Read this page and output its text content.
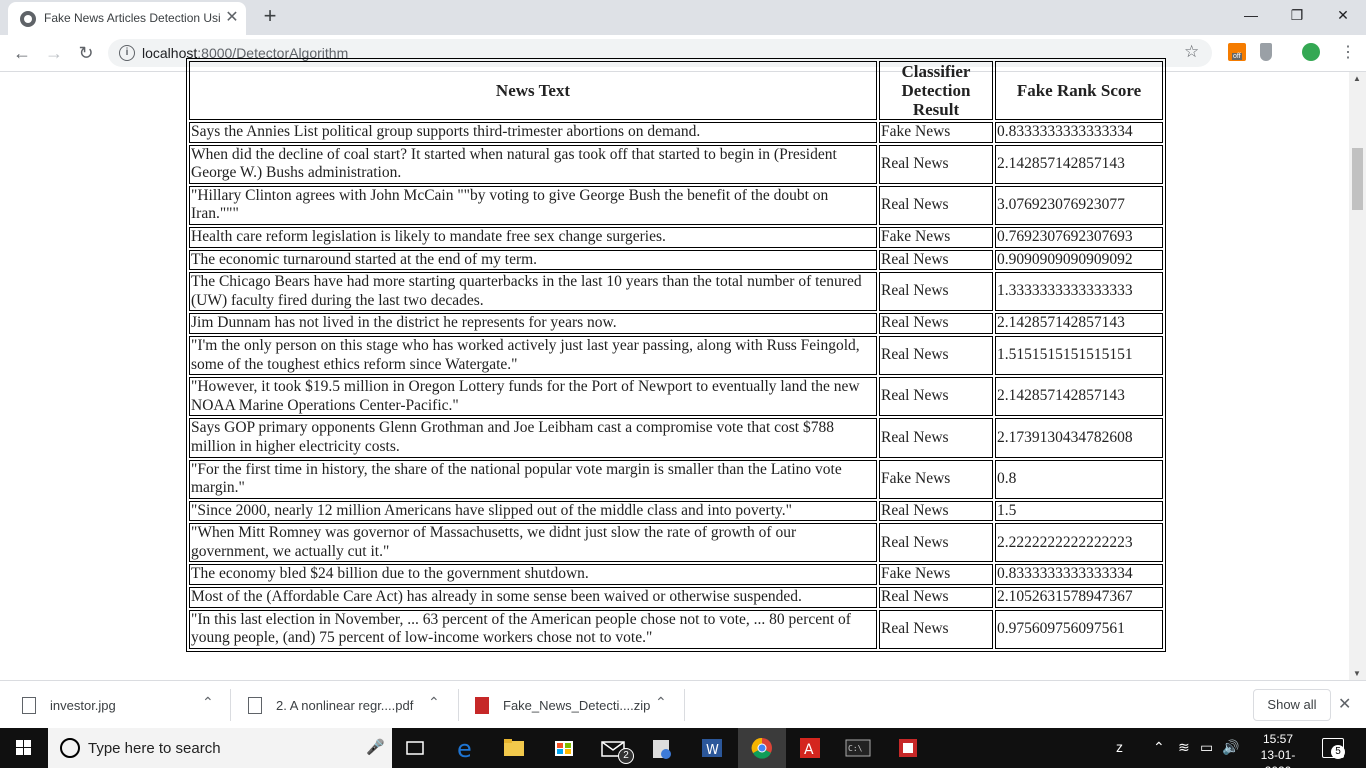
Fake News Articles Detection Usi ✕ +	—	❐	✕
← → ↻	i localhost:8000/DetectorAlgorithm	☆	off	⋮
News Text	Classifier Detection Result	Fake Rank Score
Says the Annies List political group supports third-trimester abortions on demand.	Fake News	0.8333333333333334
When did the decline of coal start? It started when natural gas took off that started to begin in (President George W.) Bushs administration.	Real News	2.142857142857143
"Hillary Clinton agrees with John McCain ""by voting to give George Bush the benefit of the doubt on Iran."""	Real News	3.076923076923077
Health care reform legislation is likely to mandate free sex change surgeries.	Fake News	0.7692307692307693
The economic turnaround started at the end of my term.	Real News	0.9090909090909092
The Chicago Bears have had more starting quarterbacks in the last 10 years than the total number of tenured (UW) faculty fired during the last two decades.	Real News	1.3333333333333333
Jim Dunnam has not lived in the district he represents for years now.	Real News	2.142857142857143
"I'm the only person on this stage who has worked actively just last year passing, along with Russ Feingold, some of the toughest ethics reform since Watergate."	Real News	1.5151515151515151
"However, it took $19.5 million in Oregon Lottery funds for the Port of Newport to eventually land the new NOAA Marine Operations Center-Pacific."	Real News	2.142857142857143
Says GOP primary opponents Glenn Grothman and Joe Leibham cast a compromise vote that cost $788 million in higher electricity costs.	Real News	2.1739130434782608
"For the first time in history, the share of the national popular vote margin is smaller than the Latino vote margin."	Fake News	0.8
"Since 2000, nearly 12 million Americans have slipped out of the middle class and into poverty."	Real News	1.5
"When Mitt Romney was governor of Massachusetts, we didnt just slow the rate of growth of our government, we actually cut it."	Real News	2.2222222222222223
The economy bled $24 billion due to the government shutdown.	Fake News	0.8333333333333334
Most of the (Affordable Care Act) has already in some sense been waived or otherwise suspended.	Real News	2.1052631578947367
"In this last election in November, ... 63 percent of the American people chose not to vote, ... 80 percent of young people, (and) 75 percent of low-income workers chose not to vote."	Real News	0.975609756097561
▲
▼
investor.jpg	⌃	2. A nonlinear regr....pdf ⌃	Fake_News_Detecti....zip ⌃	Show all	✕
Type here to search	🎤	e	2	W	A	C:\	ᴢ ⌃ ≋ ▭ 🔊	15:57
13-01-2020
5
